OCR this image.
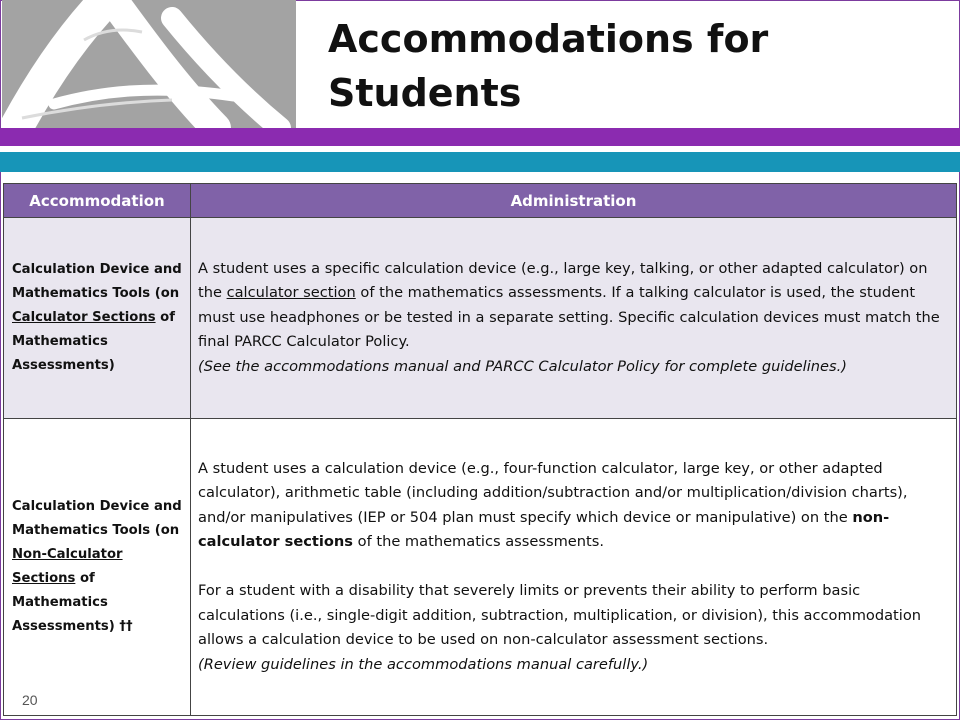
Accommodations for Students

Accommodation	Administration
Calculation Device and Mathematics Tools (on Calculator Sections of Mathematics Assessments)	A student uses a specific calculation device (e.g., large key, talking, or other adapted calculator) on the calculator section of the mathematics assessments. If a talking calculator is used, the student must use headphones or be tested in a separate setting. Specific calculation devices must match the final PARCC Calculator Policy.
(See the accommodations manual and PARCC Calculator Policy for complete guidelines.)
Calculation Device and Mathematics Tools (on Non-Calculator Sections of Mathematics Assessments) ††	A student uses a calculation device (e.g., four-function calculator, large key, or other adapted calculator), arithmetic table (including addition/subtraction and/or multiplication/division charts), and/or manipulatives (IEP or 504 plan must specify which device or manipulative) on the non-calculator sections of the mathematics assessments.
For a student with a disability that severely limits or prevents their ability to perform basic calculations (i.e., single-digit addition, subtraction, multiplication, or division), this accommodation allows a calculation device to be used on non-calculator assessment sections.
(Review guidelines in the accommodations manual carefully.)
20
